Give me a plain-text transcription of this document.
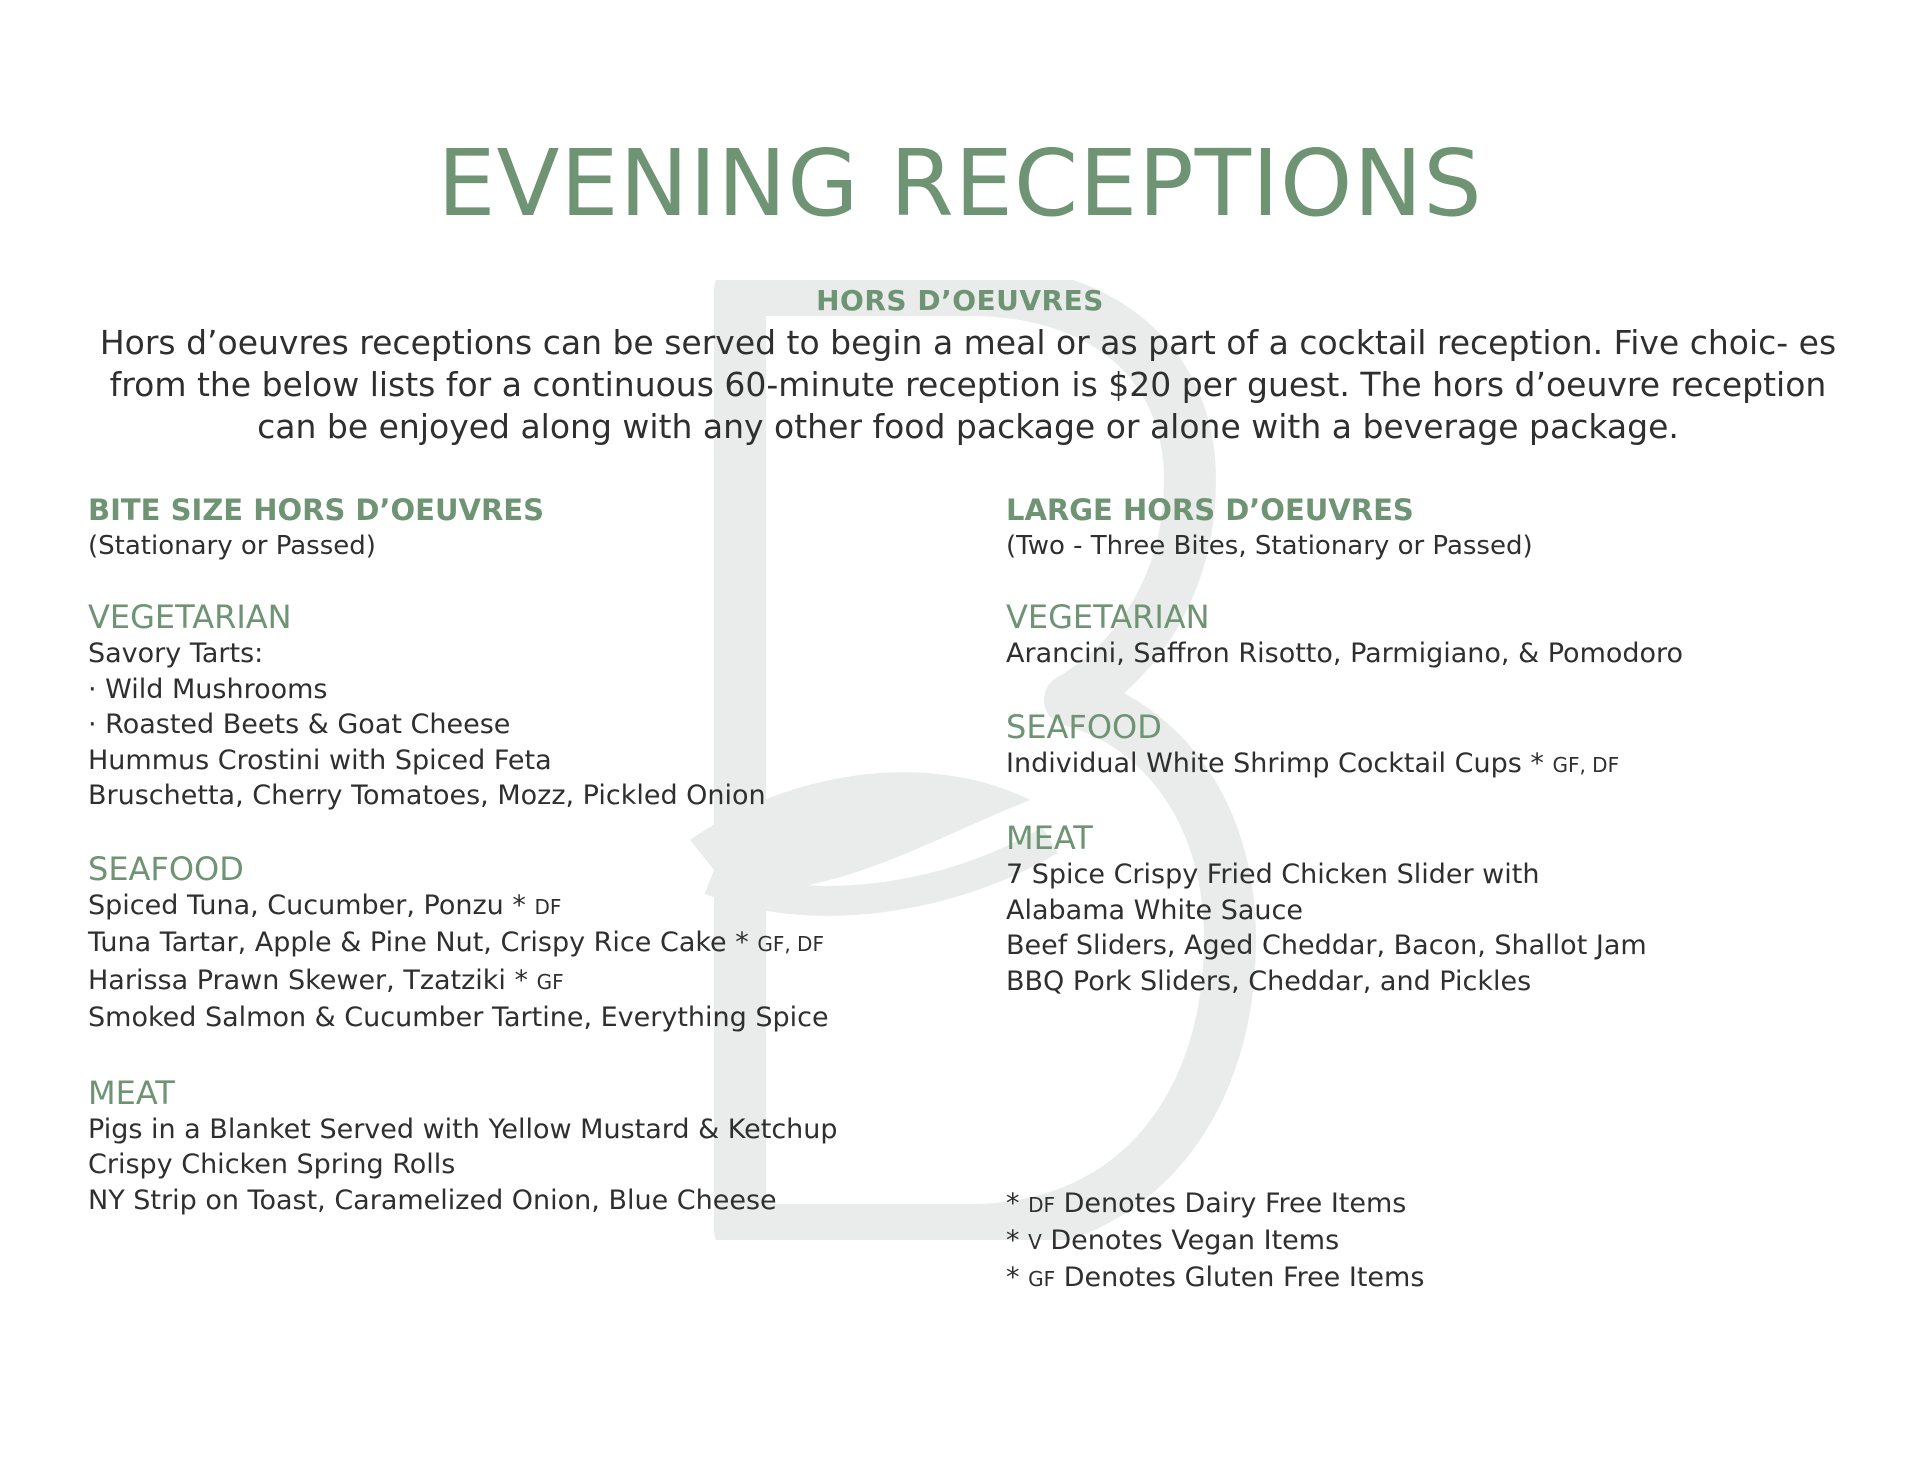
EVENING RECEPTIONS
HORS D’OEUVRES

Hors d’oeuvres receptions can be served to begin a meal or as part of a cocktail reception. Five choic- es from the below lists for a continuous 60-minute reception is $20 per guest. The hors d’oeuvre reception can be enjoyed along with any other food package or alone with a beverage package.

BITE SIZE HORS D’OEUVRES
(Stationary or Passed)
VEGETARIAN
Savory Tarts:
· Wild Mushrooms
· Roasted Beets & Goat Cheese
Hummus Crostini with Spiced Feta
Bruschetta, Cherry Tomatoes, Mozz, Pickled Onion
SEAFOOD
Spiced Tuna, Cucumber, Ponzu * DF
Tuna Tartar, Apple & Pine Nut, Crispy Rice Cake * GF, DF
Harissa Prawn Skewer, Tzatziki * GF
Smoked Salmon & Cucumber Tartine, Everything Spice
MEAT
Pigs in a Blanket Served with Yellow Mustard & Ketchup
Crispy Chicken Spring Rolls
NY Strip on Toast, Caramelized Onion, Blue Cheese
LARGE HORS D’OEUVRES
(Two - Three Bites, Stationary or Passed)
VEGETARIAN
Arancini, Saffron Risotto, Parmigiano, & Pomodoro
SEAFOOD
Individual White Shrimp Cocktail Cups * GF, DF
MEAT
7 Spice Crispy Fried Chicken Slider with
Alabama White Sauce
Beef Sliders, Aged Cheddar, Bacon, Shallot Jam
BBQ Pork Sliders, Cheddar, and Pickles
* DF Denotes Dairy Free Items
* V Denotes Vegan Items
* GF Denotes Gluten Free Items
